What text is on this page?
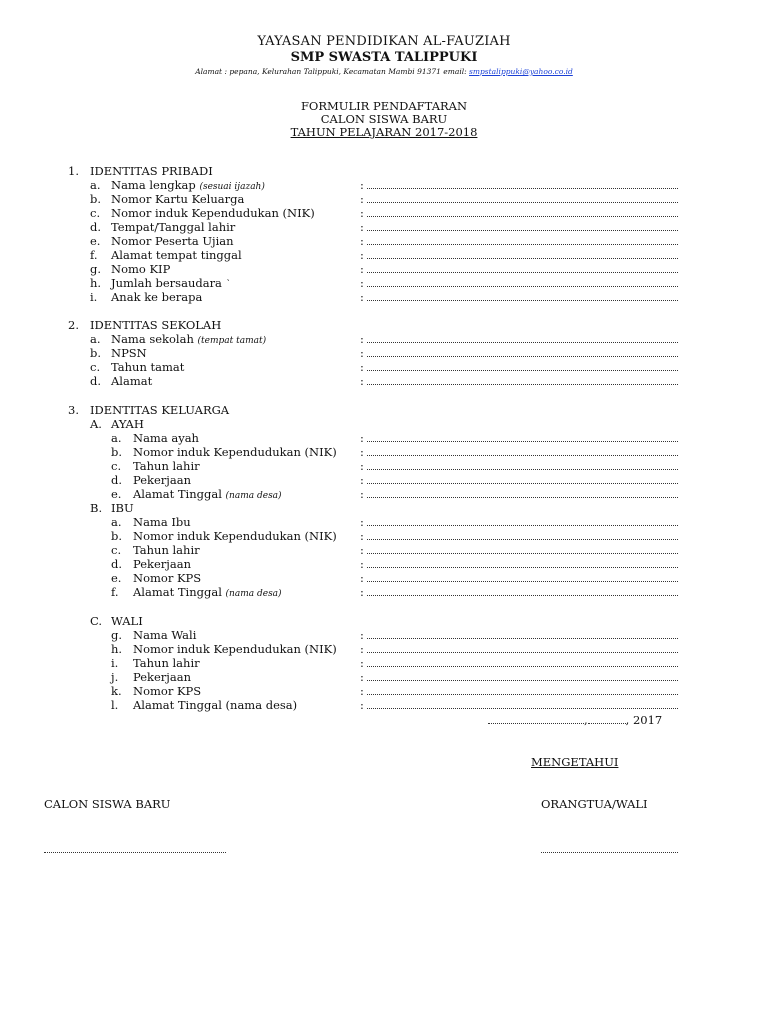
YAYASAN PENDIDIKAN AL-FAUZIAH
SMP SWASTA TALIPPUKI
Alamat : pepana, Kelurahan Talippuki, Kecamatan Mambi 91371 email: smpstalippuki@yahoo.co.id
FORMULIR PENDAFTARAN
CALON SISWA BARU
TAHUN PELAJARAN 2017-2018
1. IDENTITAS PRIBADI
2. IDENTITAS SEKOLAH
3. IDENTITAS KELUARGA
A. AYAH
B. IBU
C. WALI
a. Nama lengkap (sesuai ijazah)	:
b. Nomor Kartu Keluarga	:
c. Nomor induk Kependudukan (NIK)	:
d. Tempat/Tanggal lahir	:
e. Nomor Peserta Ujian	:
f. Alamat tempat tinggal	:
g. Nomo KIP	:
h. Jumlah bersaudara `	:
i. Anak ke berapa	:
a. Nama sekolah (tempat tamat)	:
b. NPSN	:
c. Tahun tamat	:
d. Alamat	:
a. Nama ayah	:
b. Nomor induk Kependudukan (NIK) :
c. Tahun lahir	:
d. Pekerjaan	:
e. Alamat Tinggal (nama desa)	:
a. Nama Ibu	:
b. Nomor induk Kependudukan (NIK) :
c. Tahun lahir	:
d. Pekerjaan	:
e. Nomor KPS	:
f. Alamat Tinggal (nama desa)	:
g. Nama Wali	:
h. Nomor induk Kependudukan (NIK) :
i. Tahun lahir	:
j. Pekerjaan	:
k. Nomor KPS	:
l. Alamat Tinggal (nama desa)	:
,	, 2017
MENGETAHUI
CALON SISWA BARU	ORANGTUA/WALI
